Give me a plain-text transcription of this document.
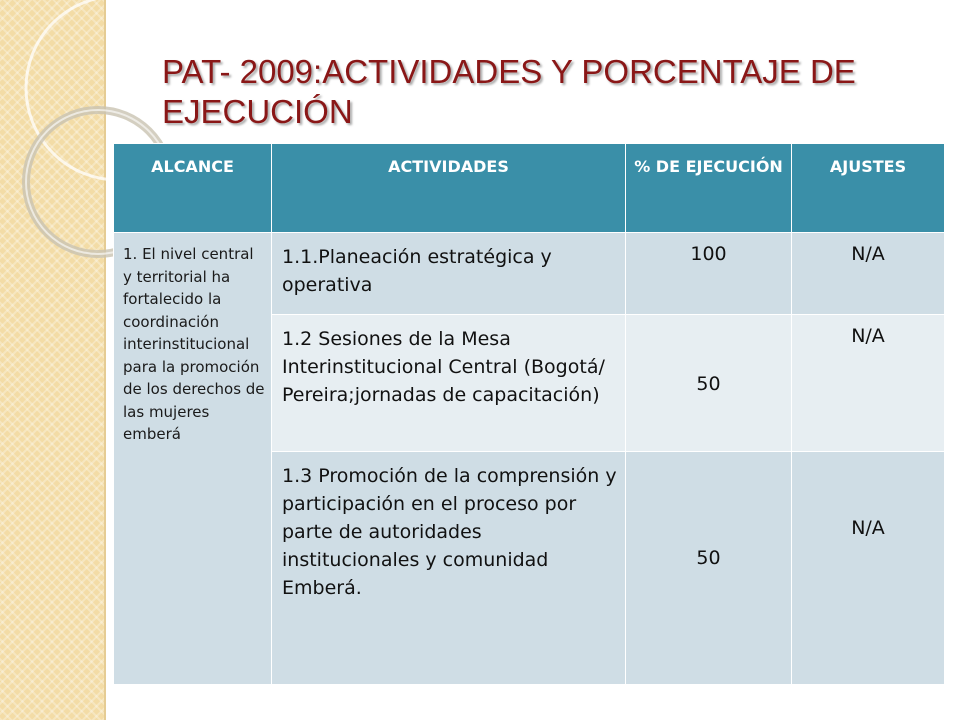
PAT- 2009:ACTIVIDADES Y PORCENTAJE DE EJECUCIÓN
ALCANCE	ACTIVIDADES	% DE EJECUCIÓN	AJUSTES
1. El nivel central y territorial ha fortalecido la coordinación interinstitucional para la promoción de los derechos de las mujeres emberá	1.1.Planeación estratégica y operativa	100	N/A
	1.2 Sesiones de la Mesa Interinstitucional Central (Bogotá/ Pereira;jornadas de capacitación)	50	N/A
	1.3 Promoción de la comprensión y participación en el proceso por parte de autoridades institucionales y comunidad Emberá.	50	N/A
